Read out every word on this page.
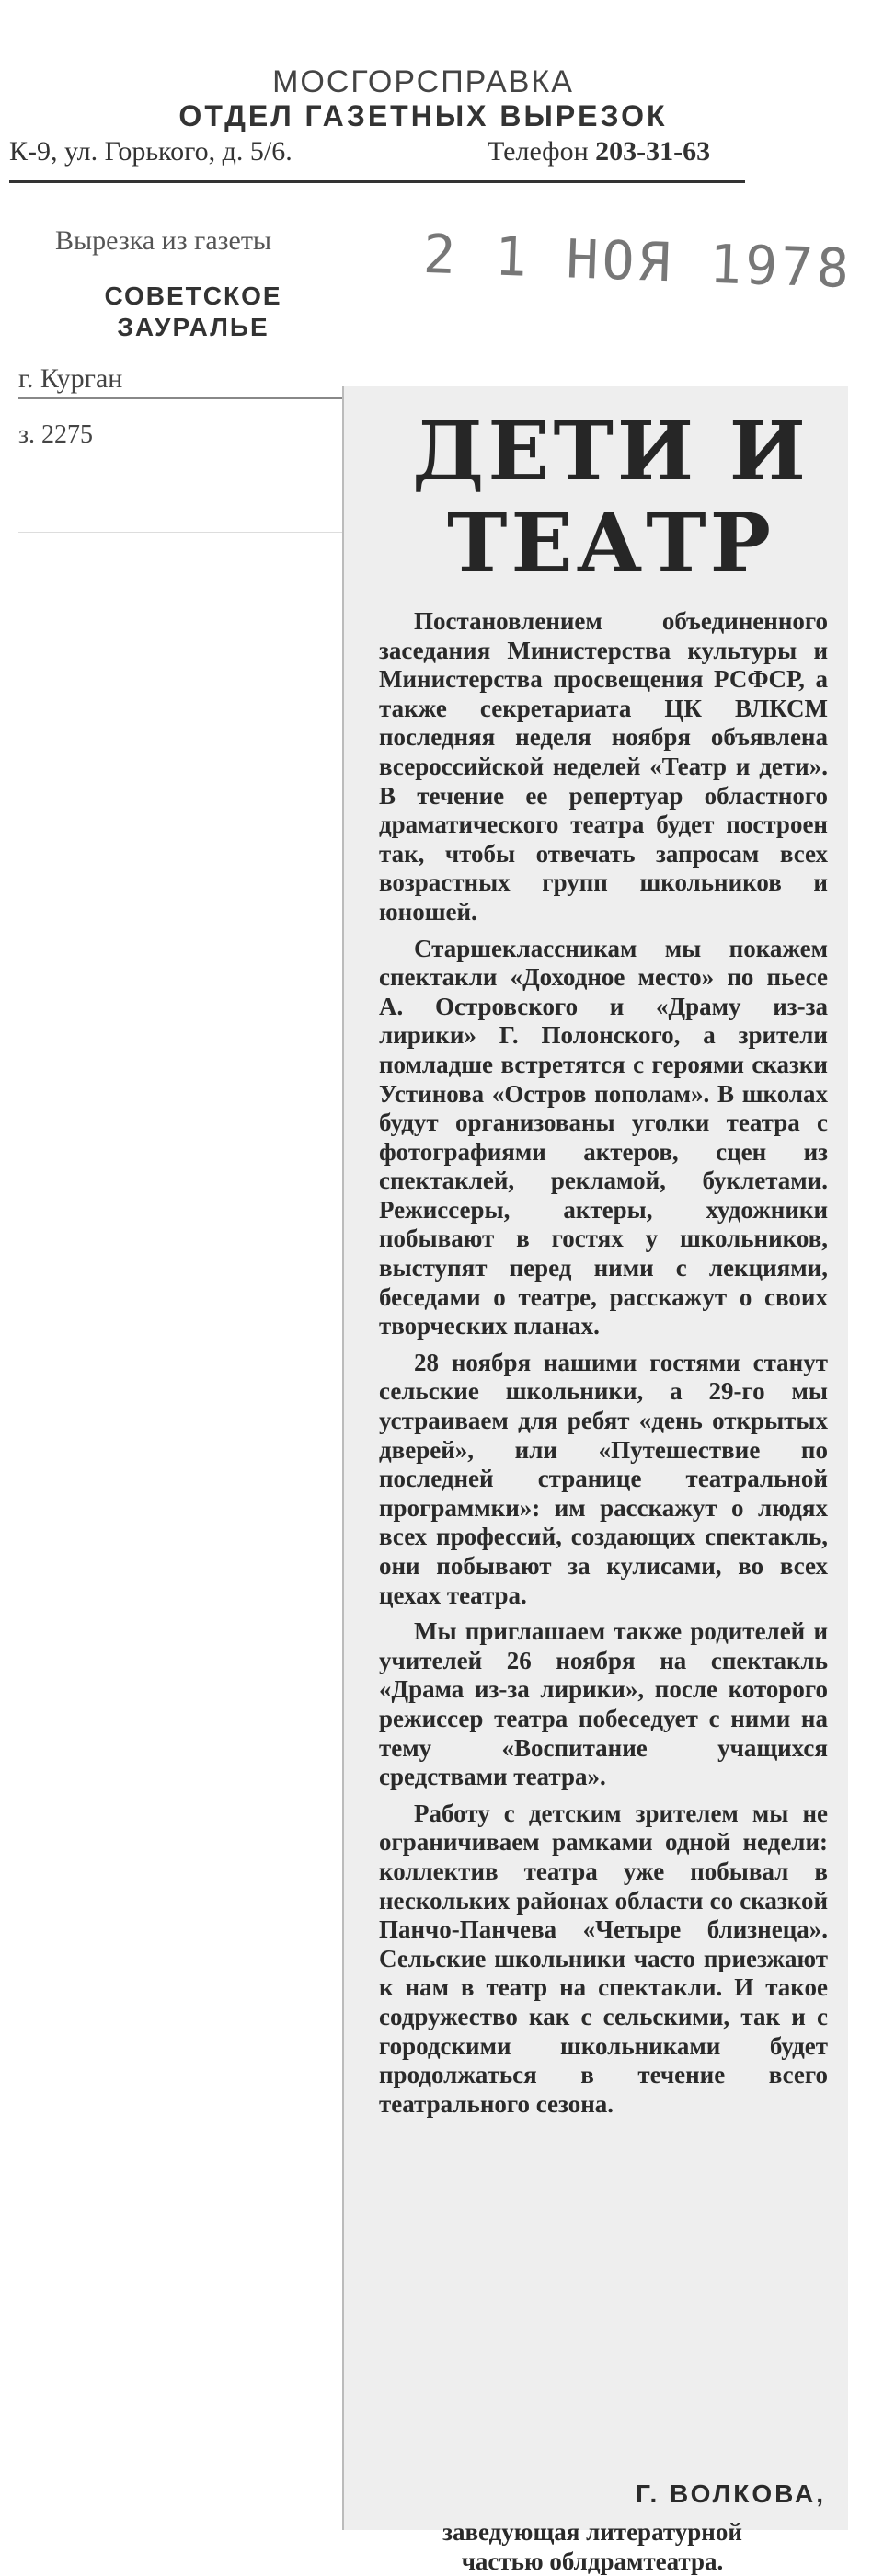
МОСГОРСПРАВКА
ОТДЕЛ ГАЗЕТНЫХ ВЫРЕЗОК
К-9, ул. Горького, д. 5/6.	Телефон 203-31-63
Вырезка из газеты
СОВЕТСКОЕ ЗАУРАЛЬЕ
г. Курган
з. 2275
2 1 НОЯ 1978
ДЕТИ И ТЕАТР

Постановлением объединенного заседания Министерства культуры и Министерства просвещения РСФСР, а также секретариата ЦК ВЛКСМ последняя неделя ноября объявлена всероссийской неделей «Театр и дети». В течение ее репертуар областного драматического театра будет построен так, чтобы отвечать запросам всех возрастных групп школьников и юношей.

Старшеклассникам мы покажем спектакли «Доходное место» по пьесе А. Островского и «Драму из-за лирики» Г. Полонского, а зрители помладше встретятся с героями сказки Устинова «Остров пополам». В школах будут организованы уголки театра с фотографиями актеров, сцен из спектаклей, рекламой, буклетами. Режиссеры, актеры, художники побывают в гостях у школьников, выступят перед ними с лекциями, беседами о театре, расскажут о своих творческих планах.

28 ноября нашими гостями станут сельские школьники, а 29-го мы устраиваем для ребят «день открытых дверей», или «Путешествие по последней странице театральной программки»: им расскажут о людях всех профессий, создающих спектакль, они побывают за кулисами, во всех цехах театра.

Мы приглашаем также родителей и учителей 26 ноября на спектакль «Драма из-за лирики», после которого режиссер театра побеседует с ними на тему «Воспитание учащихся средствами театра».

Работу с детским зрителем мы не ограничиваем рамками одной недели: коллектив театра уже побывал в нескольких районах области со сказкой Панчо-Панчева «Четыре близнеца». Сельские школьники часто приезжают к нам в театр на спектакли. И такое содружество как с сельскими, так и с городскими школьниками будет продолжаться в течение всего театрального сезона.

Г. ВОЛКОВА,
заведующая литературной частью облдрамтеатра.
